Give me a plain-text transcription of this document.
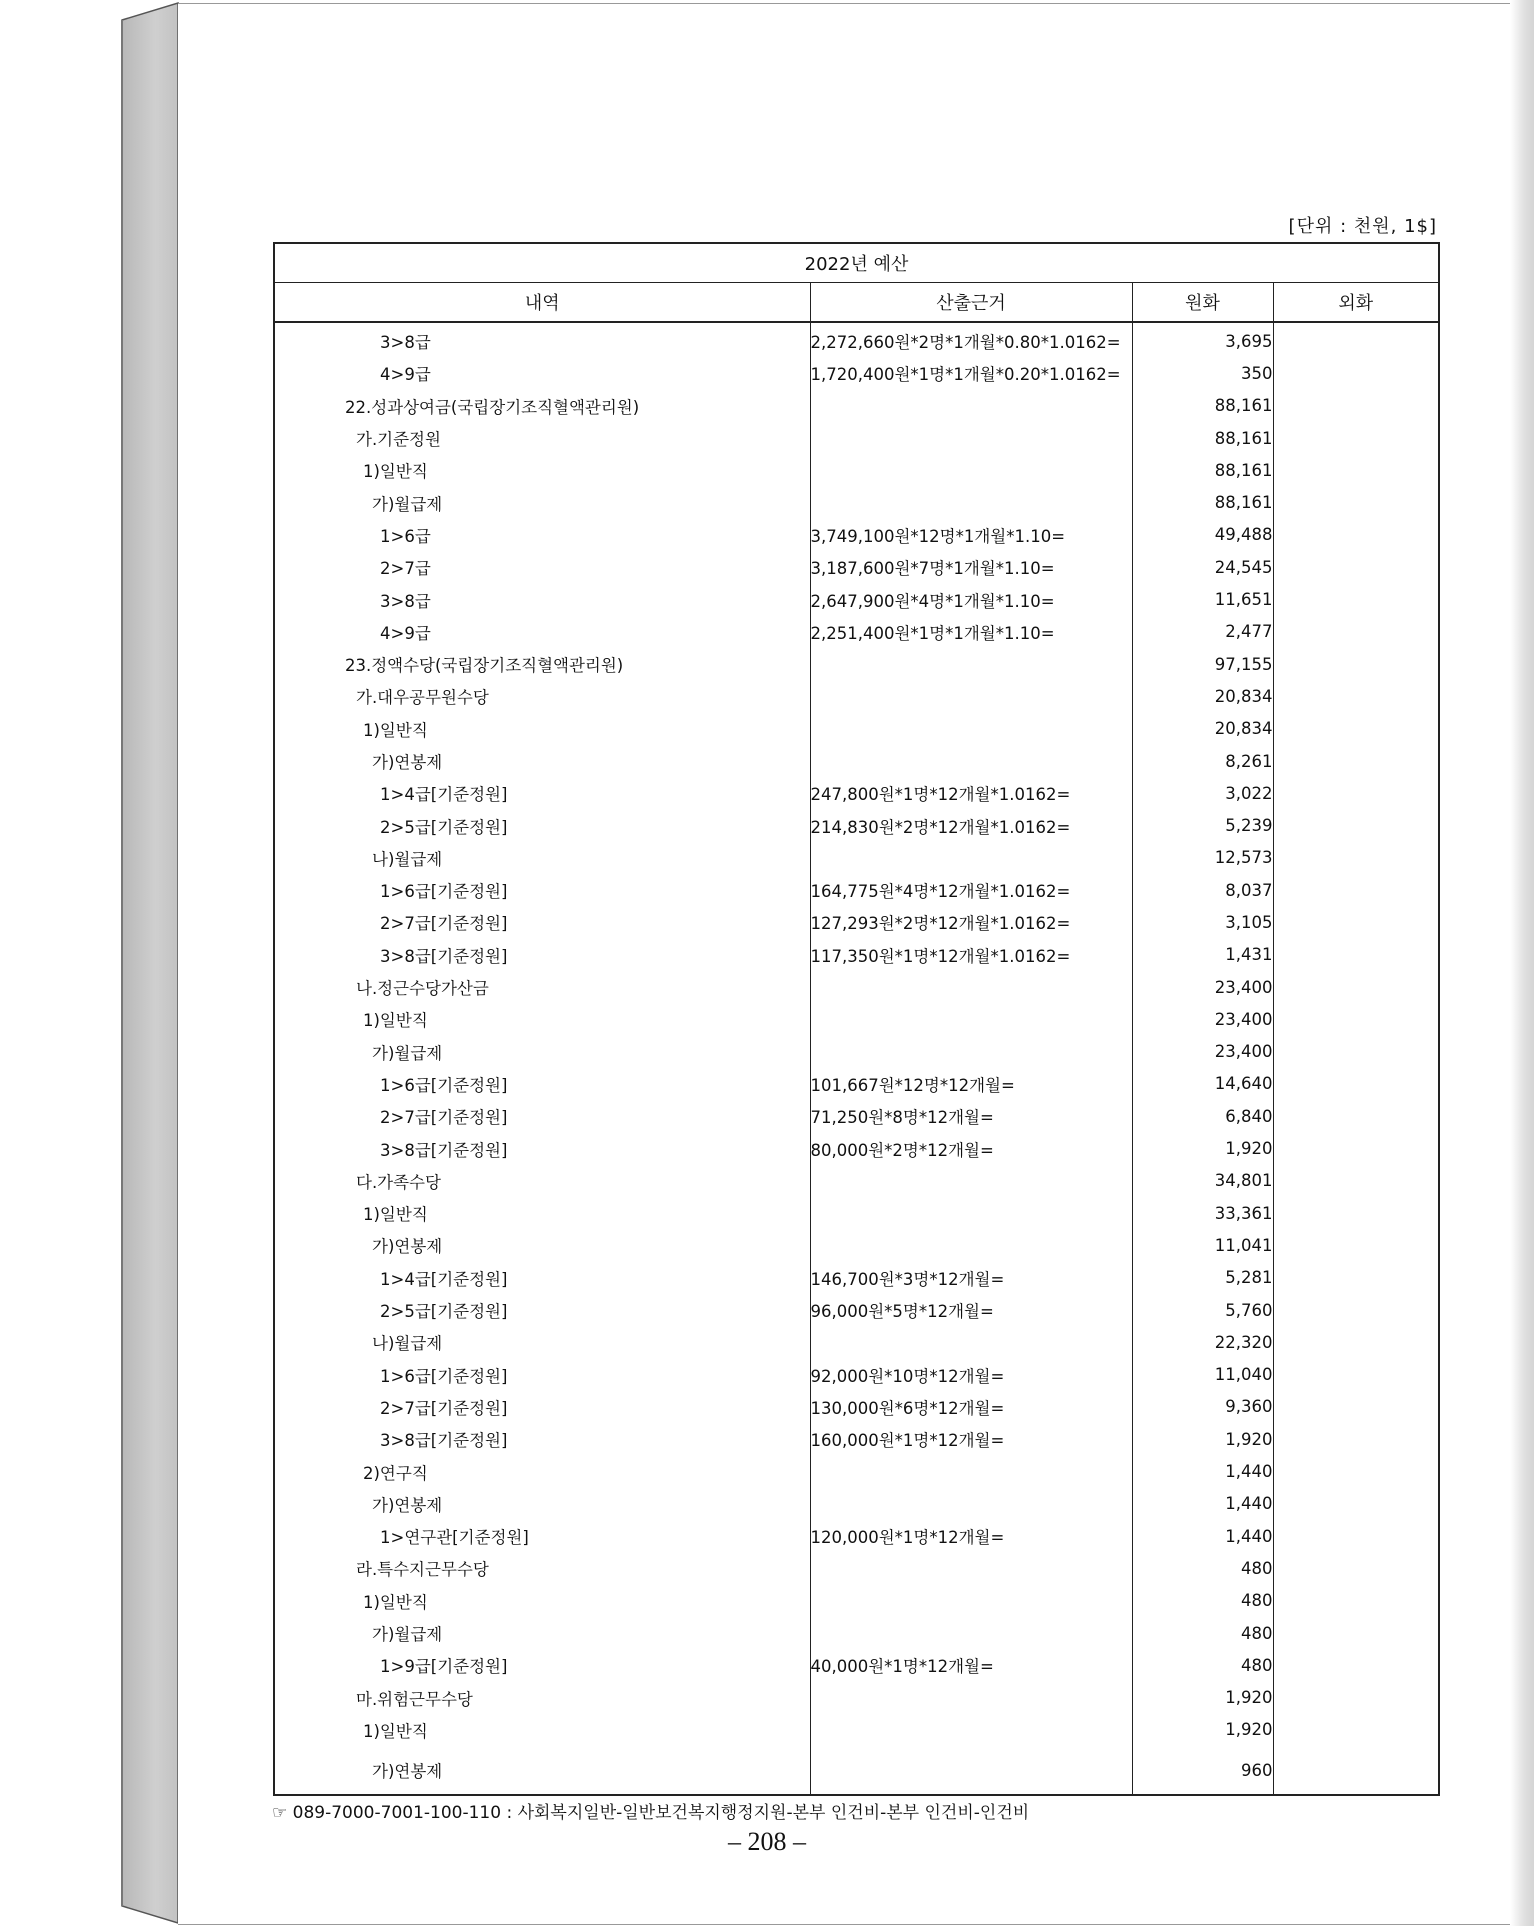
[단위 : 천원, 1$]
2022년 예산			
내역	산출근거	원화	외화
3>8급	2,272,660원*2명*1개월*0.80*1.0162=	3,695	
4>9급	1,720,400원*1명*1개월*0.20*1.0162=	350	
22.성과상여금(국립장기조직혈액관리원)		88,161	
가.기준정원		88,161	
1)일반직		88,161	
가)월급제		88,161	
1>6급	3,749,100원*12명*1개월*1.10=	49,488	
2>7급	3,187,600원*7명*1개월*1.10=	24,545	
3>8급	2,647,900원*4명*1개월*1.10=	11,651	
4>9급	2,251,400원*1명*1개월*1.10=	2,477	
23.정액수당(국립장기조직혈액관리원)		97,155	
가.대우공무원수당		20,834	
1)일반직		20,834	
가)연봉제		8,261	
1>4급[기준정원]	247,800원*1명*12개월*1.0162=	3,022	
2>5급[기준정원]	214,830원*2명*12개월*1.0162=	5,239	
나)월급제		12,573	
1>6급[기준정원]	164,775원*4명*12개월*1.0162=	8,037	
2>7급[기준정원]	127,293원*2명*12개월*1.0162=	3,105	
3>8급[기준정원]	117,350원*1명*12개월*1.0162=	1,431	
나.정근수당가산금		23,400	
1)일반직		23,400	
가)월급제		23,400	
1>6급[기준정원]	101,667원*12명*12개월=	14,640	
2>7급[기준정원]	71,250원*8명*12개월=	6,840	
3>8급[기준정원]	80,000원*2명*12개월=	1,920	
다.가족수당		34,801	
1)일반직		33,361	
가)연봉제		11,041	
1>4급[기준정원]	146,700원*3명*12개월=	5,281	
2>5급[기준정원]	96,000원*5명*12개월=	5,760	
나)월급제		22,320	
1>6급[기준정원]	92,000원*10명*12개월=	11,040	
2>7급[기준정원]	130,000원*6명*12개월=	9,360	
3>8급[기준정원]	160,000원*1명*12개월=	1,920	
2)연구직		1,440	
가)연봉제		1,440	
1>연구관[기준정원]	120,000원*1명*12개월=	1,440	
라.특수지근무수당		480	
1)일반직		480	
가)월급제		480	
1>9급[기준정원]	40,000원*1명*12개월=	480	
마.위험근무수당		1,920	
1)일반직		1,920	
가)연봉제		960	
☞ 089-7000-7001-100-110 : 사회복지일반-일반보건복지행정지원-본부 인건비-본부 인건비-인건비
– 208 –
